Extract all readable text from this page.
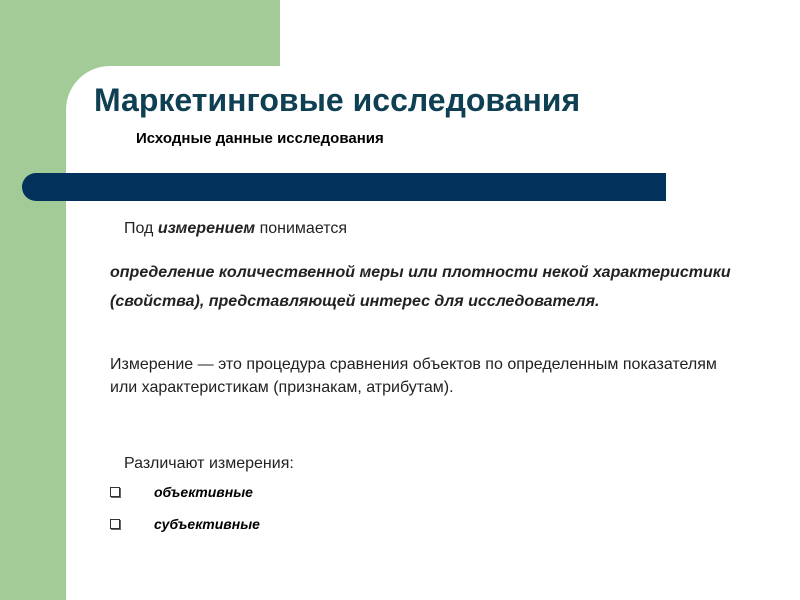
Маркетинговые исследования
Исходные данные исследования

Под измерением понимается

определение количественной меры или плотности некой характеристики (свойства), представляющей интерес для исследователя.

Измерение — это процедура сравнения объектов по определенным показателям или характеристикам (признакам, атрибутам).

Различают измерения:

объективные
субъективные
